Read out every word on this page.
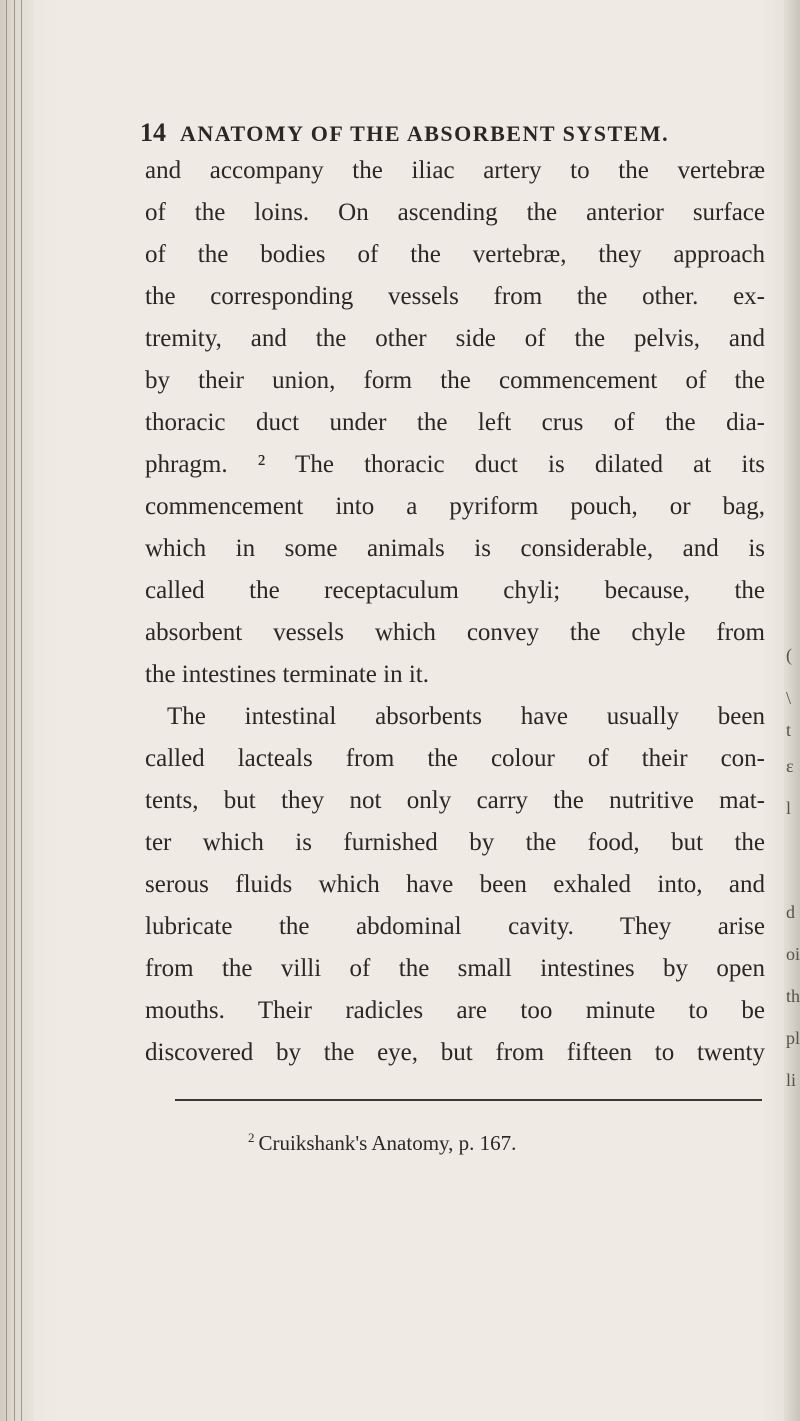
(
\
t
ε
l
d
oi
th
pl
li
14 ANATOMY OF THE ABSORBENT SYSTEM.
and accompany the iliac artery to the vertebræ
of the loins. On ascending the anterior surface
of the bodies of the vertebræ, they approach
the corresponding vessels from the other. ex-
tremity, and the other side of the pelvis, and
by their union, form the commencement of the
thoracic duct under the left crus of the dia-
phragm. ² The thoracic duct is dilated at its
commencement into a pyriform pouch, or bag,
which in some animals is considerable, and is
called the receptaculum chyli; because, the
absorbent vessels which convey the chyle from
the intestines terminate in it.
The intestinal absorbents have usually been
called lacteals from the colour of their con-
tents, but they not only carry the nutritive mat-
ter which is furnished by the food, but the
serous fluids which have been exhaled into, and
lubricate the abdominal cavity. They arise
from the villi of the small intestines by open
mouths. Their radicles are too minute to be
discovered by the eye, but from fifteen to twenty
$^2$ Cruikshank's Anatomy, p. 167.
